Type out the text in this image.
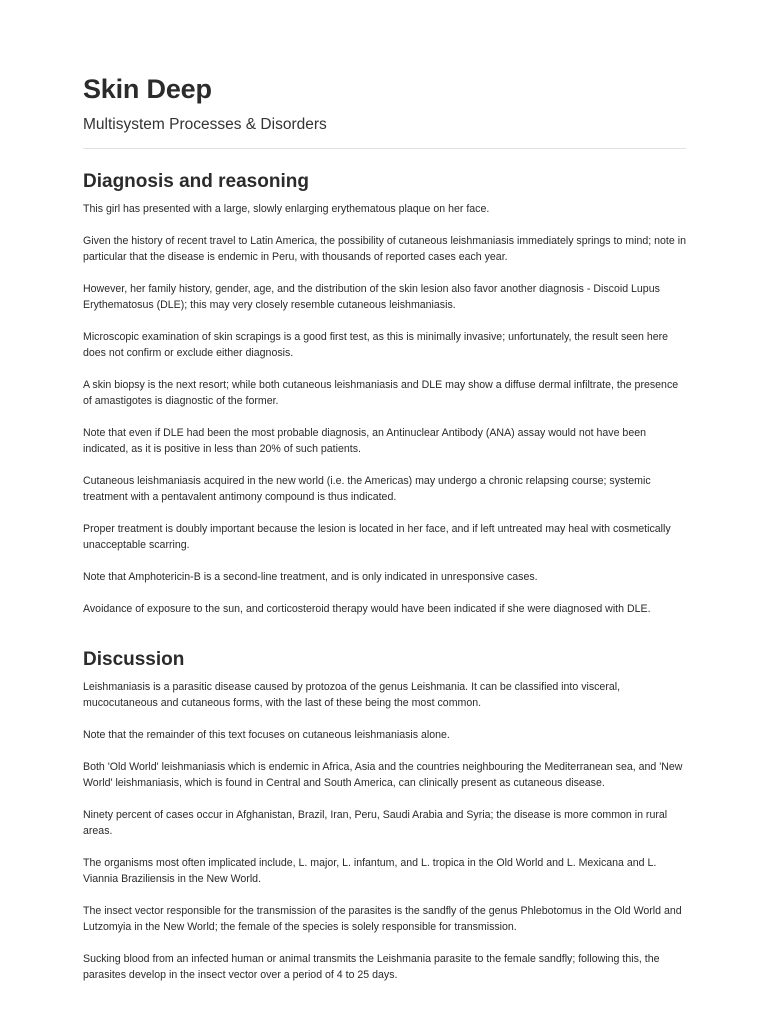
Skin Deep

Multisystem Processes & Disorders

Diagnosis and reasoning

This girl has presented with a large, slowly enlarging erythematous plaque on her face.

Given the history of recent travel to Latin America, the possibility of cutaneous leishmaniasis immediately springs to mind; note in particular that the disease is endemic in Peru, with thousands of reported cases each year.

However, her family history, gender, age, and the distribution of the skin lesion also favor another diagnosis - Discoid Lupus Erythematosus (DLE); this may very closely resemble cutaneous leishmaniasis.

Microscopic examination of skin scrapings is a good first test, as this is minimally invasive; unfortunately, the result seen here does not confirm or exclude either diagnosis.

A skin biopsy is the next resort; while both cutaneous leishmaniasis and DLE may show a diffuse dermal infiltrate, the presence of amastigotes is diagnostic of the former.

Note that even if DLE had been the most probable diagnosis, an Antinuclear Antibody (ANA) assay would not have been indicated, as it is positive in less than 20% of such patients.

Cutaneous leishmaniasis acquired in the new world (i.e. the Americas) may undergo a chronic relapsing course; systemic treatment with a pentavalent antimony compound is thus indicated.

Proper treatment is doubly important because the lesion is located in her face, and if left untreated may heal with cosmetically unacceptable scarring.

Note that Amphotericin-B is a second-line treatment, and is only indicated in unresponsive cases.

Avoidance of exposure to the sun, and corticosteroid therapy would have been indicated if she were diagnosed with DLE.

Discussion

Leishmaniasis is a parasitic disease caused by protozoa of the genus Leishmania. It can be classified into visceral, mucocutaneous and cutaneous forms, with the last of these being the most common.

Note that the remainder of this text focuses on cutaneous leishmaniasis alone.

Both 'Old World' leishmaniasis which is endemic in Africa, Asia and the countries neighbouring the Mediterranean sea, and 'New World' leishmaniasis, which is found in Central and South America, can clinically present as cutaneous disease.

Ninety percent of cases occur in Afghanistan, Brazil, Iran, Peru, Saudi Arabia and Syria; the disease is more common in rural areas.

The organisms most often implicated include, L. major, L. infantum, and L. tropica in the Old World and L. Mexicana and L. Viannia Braziliensis in the New World.

The insect vector responsible for the transmission of the parasites is the sandfly of the genus Phlebotomus in the Old World and Lutzomyia in the New World; the female of the species is solely responsible for transmission.

Sucking blood from an infected human or animal transmits the Leishmania parasite to the female sandfly; following this, the parasites develop in the insect vector over a period of 4 to 25 days.
